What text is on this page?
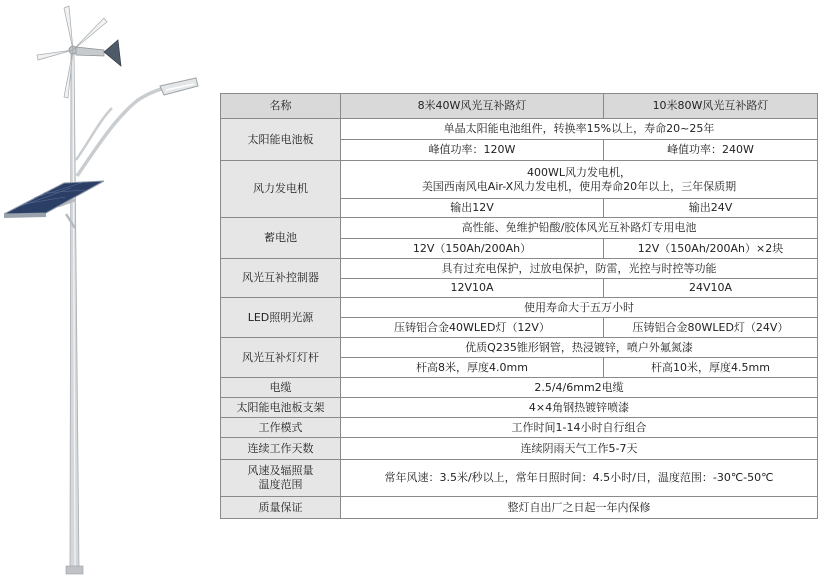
名称	8米40W风光互补路灯	10米80W风光互补路灯
太阳能电池板	单晶太阳能电池组件，转换率15%以上，寿命20~25年	
	峰值功率：120W	峰值功率：240W
风力发电机	400WL风力发电机，
美国西南风电Air-X风力发电机，使用寿命20年以上，三年保质期	

	输出12V	输出24V
蓄电池	高性能、免维护铅酸/胶体风光互补路灯专用电池	
	12V（150Ah/200Ah）	12V（150Ah/200Ah）×2块
风光互补控制器	具有过充电保护，过放电保护，防雷，光控与时控等功能	
	12V10A	24V10A
LED照明光源	使用寿命大于五万小时	
	压铸铝合金40WLED灯（12V）	压铸铝合金80WLED灯（24V）
风光互补灯灯杆	优质Q235锥形钢管，热浸镀锌，喷户外氟氮漆	
	杆高8米，厚度4.0mm	杆高10米，厚度4.5mm
电缆	2.5/4/6mm2电缆	
太阳能电池板支架	4×4角钢热镀锌喷漆	
工作模式	工作时间1-14小时自行组合	
连续工作天数	连续阴雨天气工作5-7天	

风速及辐照量
温度范围	常年风速：3.5米/秒以上，常年日照时间：4.5小时/日，温度范围：-30℃-50℃	
质量保证	整灯自出厂之日起一年内保修	
